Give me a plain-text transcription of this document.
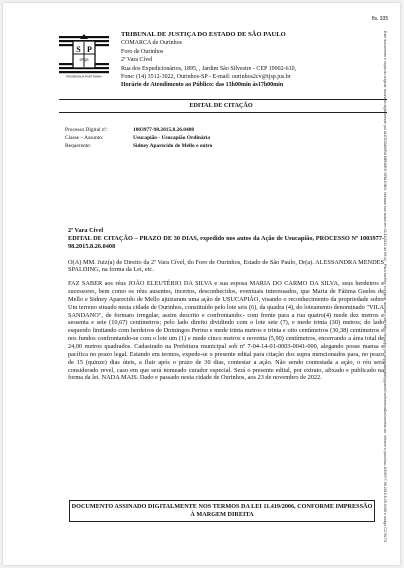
fls. 335
S P
SPQR
PRO BRASILIA FIANT EXIMIA
TRIBUNAL DE JUSTIÇA DO ESTADO DE SÃO PAULO
COMARCA de Ourinhos
Foro de Ourinhos
2ª Vara Cível
Rua dos Expedicionários, 1895, , Jardim São Silvestre - CEP 19902-610,
Fone: (14) 3512-3022, Ourinhos-SP - E-mail: ourinhos2cv@tjsp.jus.br
Horário de Atendimento ao Público: das 13h00min às17h00min
EDITAL DE CITAÇÃO
Processo Digital nº:	1003977-98.2015.8.26.0408
Classe – Assunto:	Usucapião - Usucapião Ordinária
Requerente:	Sidney Aparecido de Mello e outro

2ª Vara Civel

EDITAL DE CITAÇÃO – PRAZO DE 30 DIAS, expedido nos autos da Ação de Usucapião, PROCESSO Nº 1003977-98.2015.8.26.0408

O(A) MM. Juiz(a) de Direito da 2ª Vara Cível, do Foro de Ourinhos, Estado de São Paulo, Dr(a). ALESSANDRA MENDES SPALDING, na forma da Lei, etc.

FAZ SABER aos réus JOÃO ELEUTÉRIO DA SILVA e sua esposa MARIA DO CARMO DA SILVA, seus herdeiros e sucessores, bem como os réus ausentes, incertos, desconhecidos, eventuais interessados, que Maria de Fátima Gueles de Mello e Sidney Aparecido de Mello ajuizaram uma ação de USUCAPIÃO, visando o reconhecimento da propriedade sobre Um terreno situado nesta cidade de Ourinhos, constituído pelo lote seis (6), da quadra (4), do loteamento denominado "VILA SANDANO", de formato irregular, assim descrito e confrontando:- com frente para a rua quatro(4) mede dez metros e sessenta e sete (10,67) centímetros; pelo lado direito dividindo com o lote sete (7), e mede trinta (30) metros; do lado esquerdo limitando com herdeiros de Domingos Perino e mede trinta metros e trinta e oito centímetros (30,38) centímetros e nos fundos confrontando-se com o lote um (1) e mede cinco metros e noventa (5,90) centímetros, encerrando a área total de 24,00 metros quadrados. Cadastrado na Prefeitura municipal sob nº 7-04-14-01-0003-0041-000, alegando posse mansa e pacífica no prazo legal. Estando em termos, expede-se o presente edital para citação dos supra mencionados para, no prazo de 15 (quinze) dias úteis, a fluir após o prazo de 30 dias, contestar a ação. Não sendo contestada a ação, o réu será considerado revel, caso em que será nomeado curador especial. Será o presente edital, por extrato, afixado e publicado na forma da lei. NADA MAIS. Dado e passado nesta cidade de Ourinhos, aos 23 de novembro de 2022.

DOCUMENTO ASSINADO DIGITALMENTE NOS TERMOS DA LEI 11.419/2006, CONFORME IMPRESSÃO À MARGEM DIREITA	Este documento é cópia do original, assinado digitalmente por ALESSANDRA MENDES SPALDING, liberado nos autos em 24/11/2022 às 09:12 . Para conferir o original, acesse o site https://esaj.tjsp.jus.br/pastadigital/pg/abrirConferenciaDocumento.do, informe o processo 1003977-98.2015.8.26.0408 e código C176173.
